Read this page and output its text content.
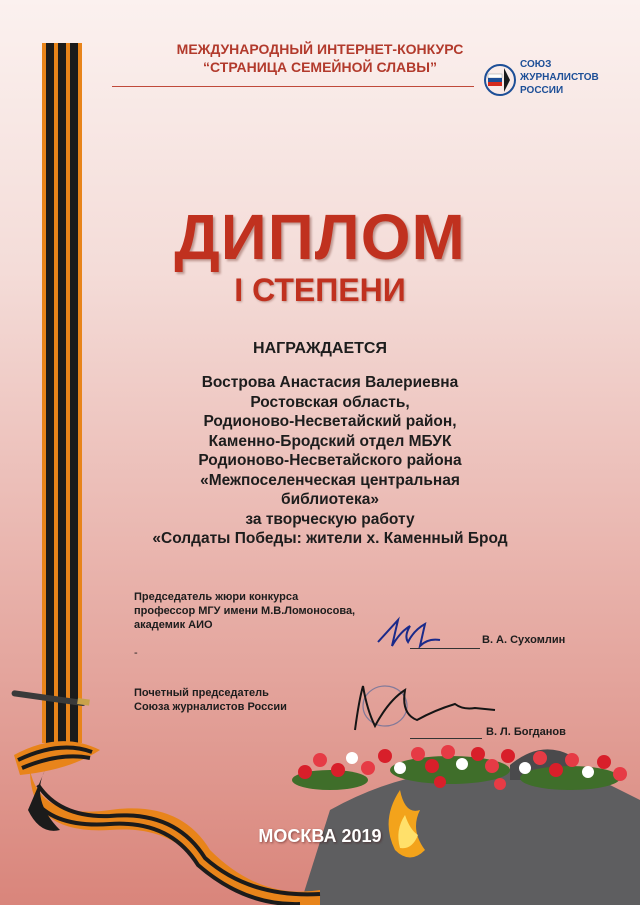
МЕЖДУНАРОДНЫЙ ИНТЕРНЕТ-КОНКУРС
“СТРАНИЦА СЕМЕЙНОЙ СЛАВЫ”	СОЮЗ
ЖУРНАЛИСТОВ
РОССИИ
ДИПЛОМ
I СТЕПЕНИ
НАГРАЖДАЕТСЯ
Вострова Анастасия Валериевна
Ростовская область,
Родионово-Несветайский район,
Каменно-Бродский отдел МБУК
Родионово-Несветайского района
«Межпоселенческая центральная
библиотека»
за творческую работу
«Солдаты Победы: жители х. Каменный Брод
Председатель жюри конкурса
профессор МГУ имени М.В.Ломоносова,
академик АИО
В. А. Сухомлин
-
Почетный председатель
Союза журналистов России
В. Л. Богданов
МОСКВА 2019
